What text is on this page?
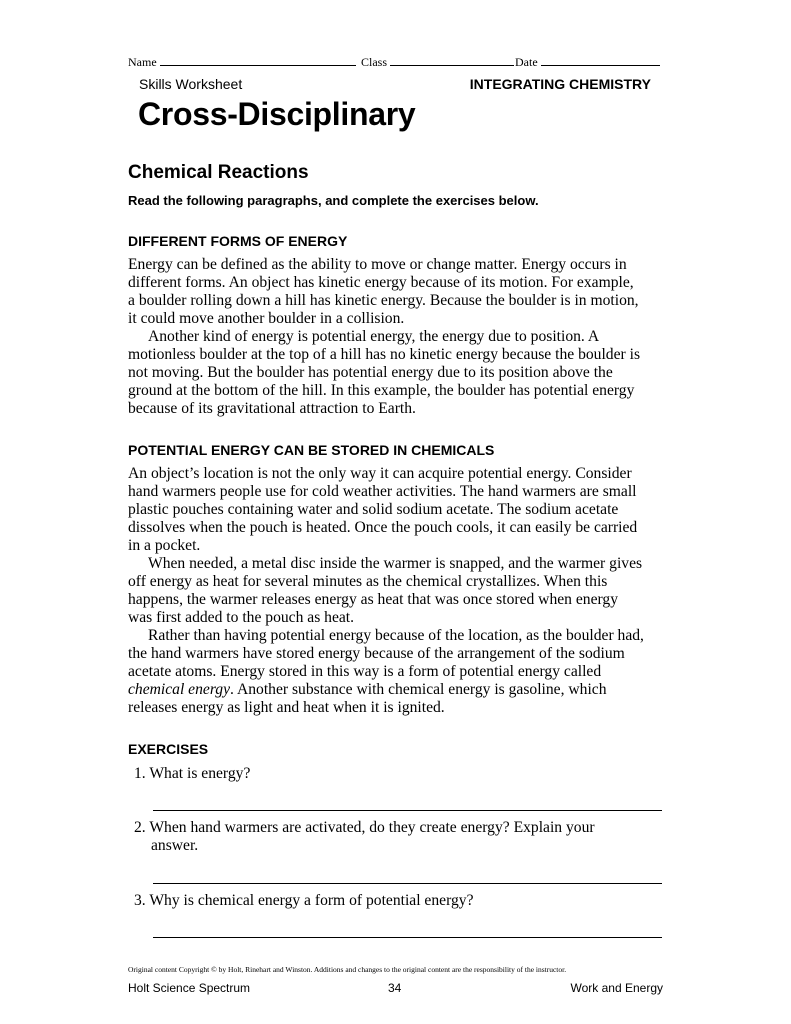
Name	Class	Date
Skills Worksheet	INTEGRATING CHEMISTRY
Cross-Disciplinary
Chemical Reactions
Read the following paragraphs, and complete the exercises below.
DIFFERENT FORMS OF ENERGY
Energy can be defined as the ability to move or change matter. Energy occurs in
different forms. An object has kinetic energy because of its motion. For example,
a boulder rolling down a hill has kinetic energy. Because the boulder is in motion,
it could move another boulder in a collision.
Another kind of energy is potential energy, the energy due to position. A
motionless boulder at the top of a hill has no kinetic energy because the boulder is
not moving. But the boulder has potential energy due to its position above the
ground at the bottom of the hill. In this example, the boulder has potential energy
because of its gravitational attraction to Earth.
POTENTIAL ENERGY CAN BE STORED IN CHEMICALS
An object’s location is not the only way it can acquire potential energy. Consider
hand warmers people use for cold weather activities. The hand warmers are small
plastic pouches containing water and solid sodium acetate. The sodium acetate
dissolves when the pouch is heated. Once the pouch cools, it can easily be carried
in a pocket.
When needed, a metal disc inside the warmer is snapped, and the warmer gives
off energy as heat for several minutes as the chemical crystallizes. When this
happens, the warmer releases energy as heat that was once stored when energy
was first added to the pouch as heat.
Rather than having potential energy because of the location, as the boulder had,
the hand warmers have stored energy because of the arrangement of the sodium
acetate atoms. Energy stored in this way is a form of potential energy called
chemical energy. Another substance with chemical energy is gasoline, which
releases energy as light and heat when it is ignited.
EXERCISES
1. What is energy?
2. When hand warmers are activated, do they create energy? Explain your
answer.
3. Why is chemical energy a form of potential energy?
Original content Copyright © by Holt, Rinehart and Winston. Additions and changes to the original content are the responsibility of the instructor.
Holt Science Spectrum	34	Work and Energy
